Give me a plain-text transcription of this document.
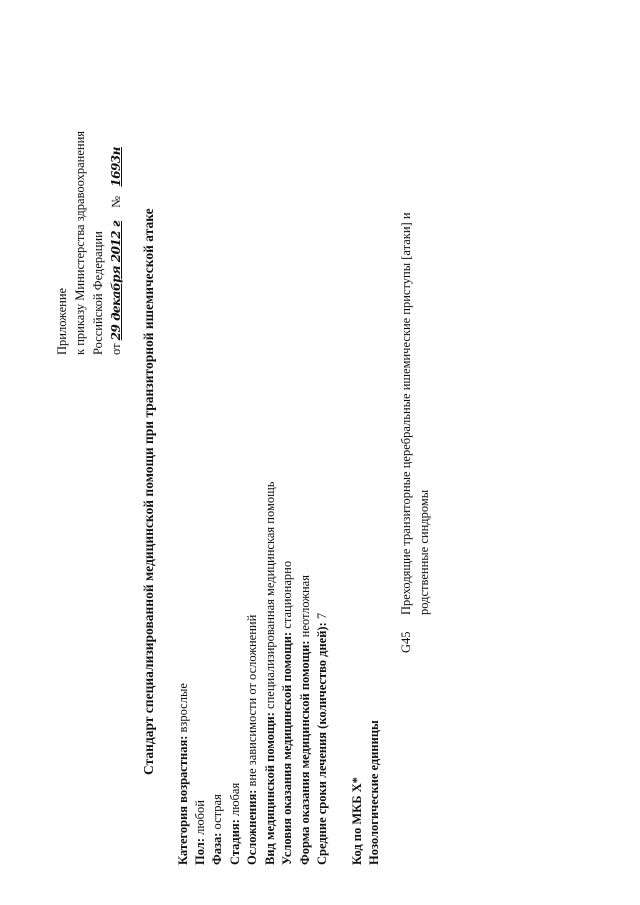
Приложение к приказу Министерства здравоохранения Российской Федерации от 29 декабря 2012 г № 1693н
Стандарт специализированной медицинской помощи при транзиторной ишемической атаке
Категория возрастная: взрослые
Пол: любой
Фаза: острая
Стадия: любая Осложнения: вне зависимости от осложнений Вид медицинской помощи: специализированная медицинская помощь
Условия оказания медицинской помощи: стационарно
Форма оказания медицинской помощи: неотложная
Средние сроки лечения (количество дней): 7
Код по МКБ X* Нозологические единицы
G45
Преходящие транзиторные церебральные ишемические приступы [атаки] и родственные синдромы
